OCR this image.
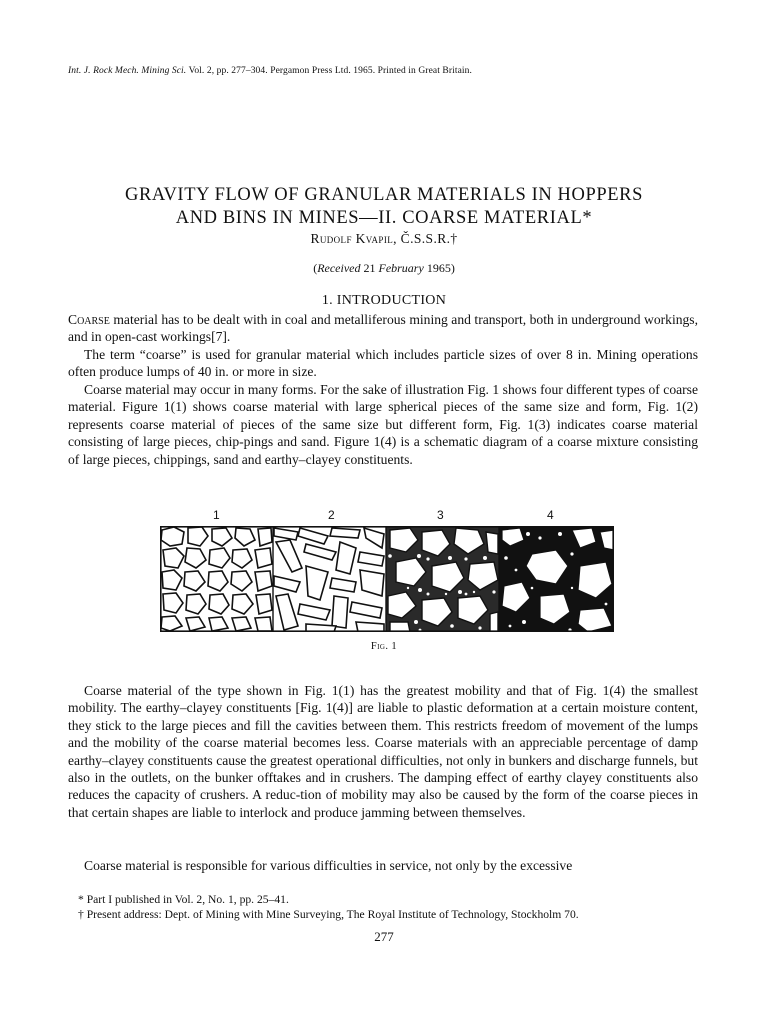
Int. J. Rock Mech. Mining Sci. Vol. 2, pp. 277–304. Pergamon Press Ltd. 1965. Printed in Great Britain.
GRAVITY FLOW OF GRANULAR MATERIALS IN HOPPERS
AND BINS IN MINES—II. COARSE MATERIAL*
Rudolf Kvapil, Č.S.S.R.†
(Received 21 February 1965)
1. INTRODUCTION

Coarse material has to be dealt with in coal and metalliferous mining and transport, both in underground workings, and in open-cast workings[7].

The term “coarse” is used for granular material which includes particle sizes of over 8 in. Mining operations often produce lumps of 40 in. or more in size.

Coarse material may occur in many forms. For the sake of illustration Fig. 1 shows four different types of coarse material. Figure 1(1) shows coarse material with large spherical pieces of the same size and form, Fig. 1(2) represents coarse material of pieces of the same size but different form, Fig. 1(3) indicates coarse material consisting of large pieces, chip-pings and sand. Figure 1(4) is a schematic diagram of a coarse mixture consisting of large pieces, chippings, sand and earthy–clayey constituents.

1	2	3	4
Fig. 1

Coarse material of the type shown in Fig. 1(1) has the greatest mobility and that of Fig. 1(4) the smallest mobility. The earthy–clayey constituents [Fig. 1(4)] are liable to plastic deformation at a certain moisture content, they stick to the large pieces and fill the cavities between them. This restricts freedom of movement of the lumps and the mobility of the coarse material becomes less. Coarse materials with an appreciable percentage of damp earthy–clayey constituents cause the greatest operational difficulties, not only in bunkers and discharge funnels, but also in the outlets, on the bunker offtakes and in crushers. The damping effect of earthy clayey constituents also reduces the capacity of crushers. A reduc-tion of mobility may also be caused by the form of the coarse pieces in that certain shapes are liable to interlock and produce jamming between themselves.

Coarse material is responsible for various difficulties in service, not only by the excessive

* Part I published in Vol. 2, No. 1, pp. 25–41.
† Present address: Dept. of Mining with Mine Surveying, The Royal Institute of Technology, Stockholm 70.
277
